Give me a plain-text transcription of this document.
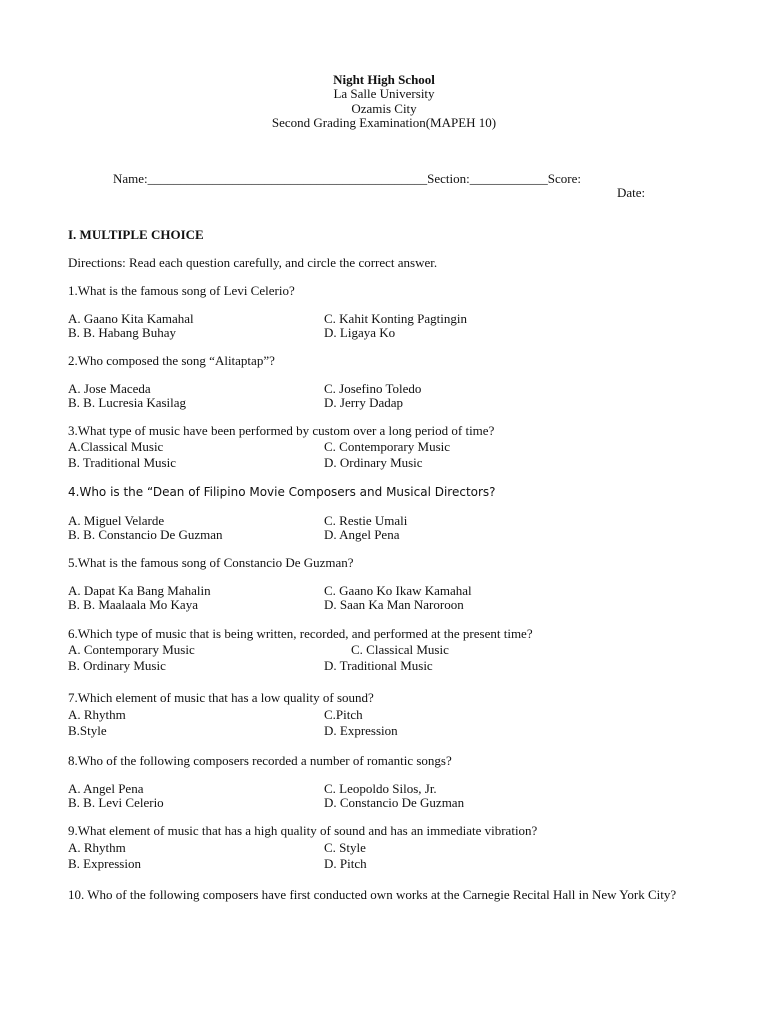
Night High School
La Salle University
Ozamis City
Second Grading Examination(MAPEH 10)
Name:___________________________________________Section:____________Score:
Date:
I. MULTIPLE CHOICE
Directions: Read each question carefully, and circle the correct answer.
1.What is the famous song of Levi Celerio?
A. Gaano Kita Kamahal
B. B. Habang Buhay
C. Kahit Konting Pagtingin
D. Ligaya Ko
2.Who composed the song “Alitaptap”?
A. Jose Maceda
B. B. Lucresia Kasilag
C. Josefino Toledo
D. Jerry Dadap
3.What type of music have been performed by custom over a long period of time?
A.Classical Music
B. Traditional Music
C. Contemporary Music
D. Ordinary Music
4.Who is the “Dean of Filipino Movie Composers and Musical Directors?
A. Miguel Velarde
B. B. Constancio De Guzman
C. Restie Umali
D. Angel Pena
5.What is the famous song of Constancio De Guzman?
A. Dapat Ka Bang Mahalin
B. B. Maalaala Mo Kaya
C. Gaano Ko Ikaw Kamahal
D. Saan Ka Man Naroroon
6.Which type of music that is being written, recorded, and performed at the present time?
A. Contemporary Music
B. Ordinary Music
C. Classical Music
D. Traditional Music
7.Which element of music that has a low quality of sound?
A. Rhythm
B.Style
C.Pitch
D. Expression
8.Who of the following composers recorded a number of romantic songs?
A. Angel Pena
B. B. Levi Celerio
C. Leopoldo Silos, Jr.
D. Constancio De Guzman
9.What element of music that has a high quality of sound and has an immediate vibration?
A. Rhythm
B. Expression
C. Style
D. Pitch
10. Who of the following composers have first conducted own works at the Carnegie Recital Hall in New York City?
